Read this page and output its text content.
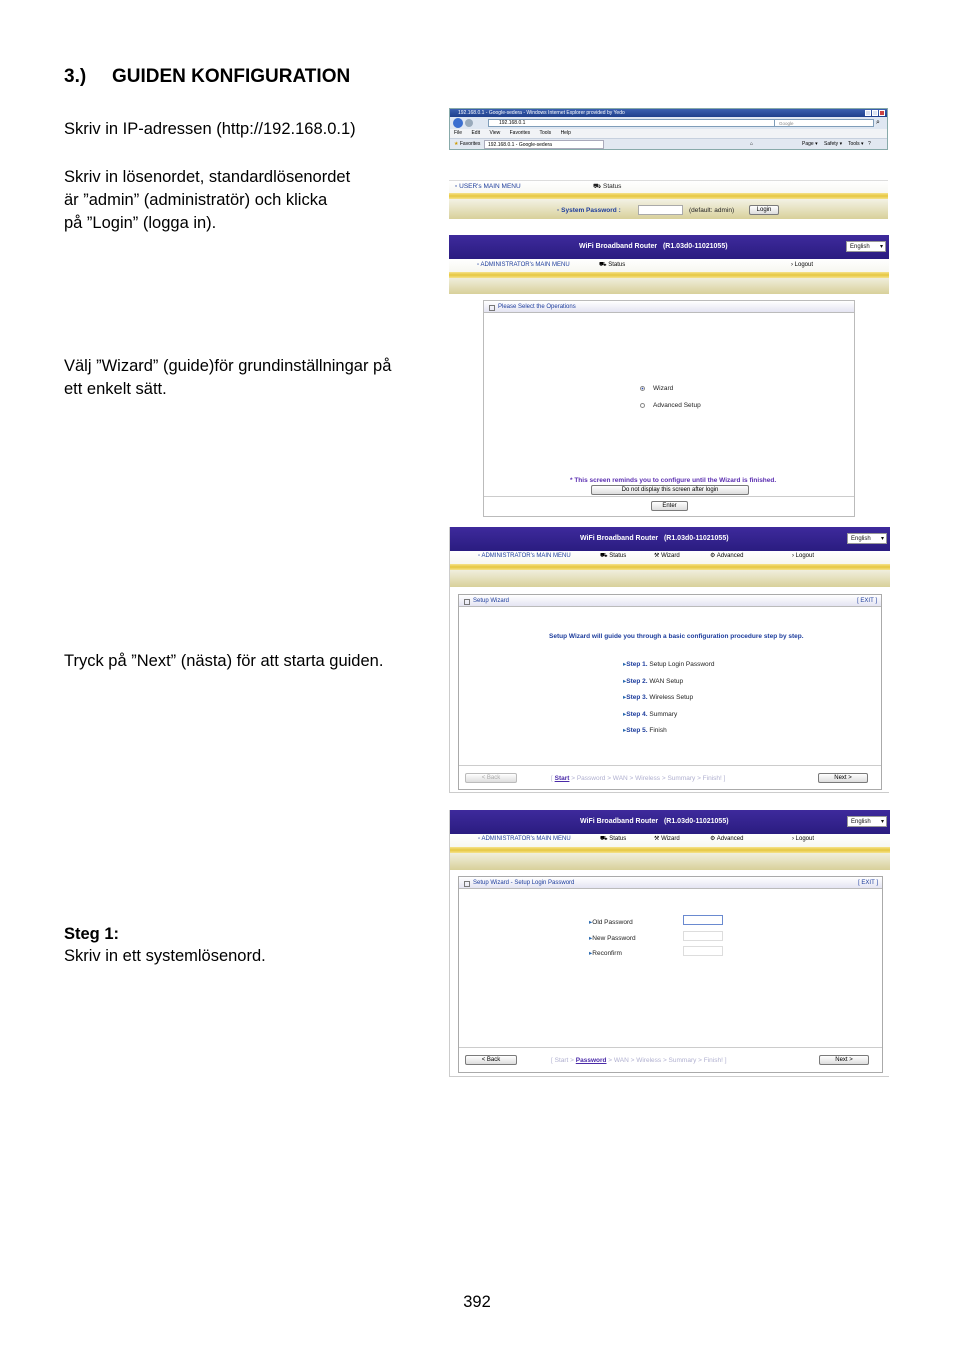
3.) GUIDEN KONFIGURATION
Skriv in IP-adressen (http://192.168.0.1)
Skriv in lösenordet, standardlösenordet
är ”admin” (administratör) och klicka
på ”Login” (logga in).
Välj ”Wizard” (guide)för grundinställningar på
ett enkelt sätt.
Tryck på ”Next” (nästa) för att starta guiden.
Steg 1:
Skriv in ett systemlösenord.
392
192.168.0.1 - Google-sedera - Windows Internet Explorer provided by Yedo
192.168.0.1	Google	⌕
File Edit View Favorites Tools Help
★ Favorites	192.168.0.1 - Google-sedera	⌂	Page ▾ Safety ▾ Tools ▾ ?
▫ USER's MAIN MENU	⛟ Status
▫ System Password :	(default: admin)	Login
WiFi Broadband Router (R1.03d0-11021055)	English ▾
▫ ADMINISTRATOR's MAIN MENU	⛟ Status	› Logout
Please Select the Operations
Wizard
Advanced Setup
* This screen reminds you to configure until the Wizard is finished.
Do not display this screen after login
Enter
WiFi Broadband Router (R1.03d0-11021055)	English ▾
▫ ADMINISTRATOR's MAIN MENU	⛟ Status	⚒ Wizard	⚙ Advanced	› Logout
Setup Wizard	[ EXIT ]
Setup Wizard will guide you through a basic configuration procedure step by step.
▸ Step 1. Setup Login Password
▸ Step 2. WAN Setup
▸ Step 3. Wireless Setup
▸ Step 4. Summary
▸ Step 5. Finish
< Back	[ Start > Password > WAN > Wireless > Summary > Finish! ]	Next >
WiFi Broadband Router (R1.03d0-11021055)	English ▾
▫ ADMINISTRATOR's MAIN MENU	⛟ Status	⚒ Wizard	⚙ Advanced	› Logout
Setup Wizard - Setup Login Password	[ EXIT ]
▸ Old Password
▸ New Password
▸ Reconfirm
< Back	[ Start > Password > WAN > Wireless > Summary > Finish! ]	Next >
